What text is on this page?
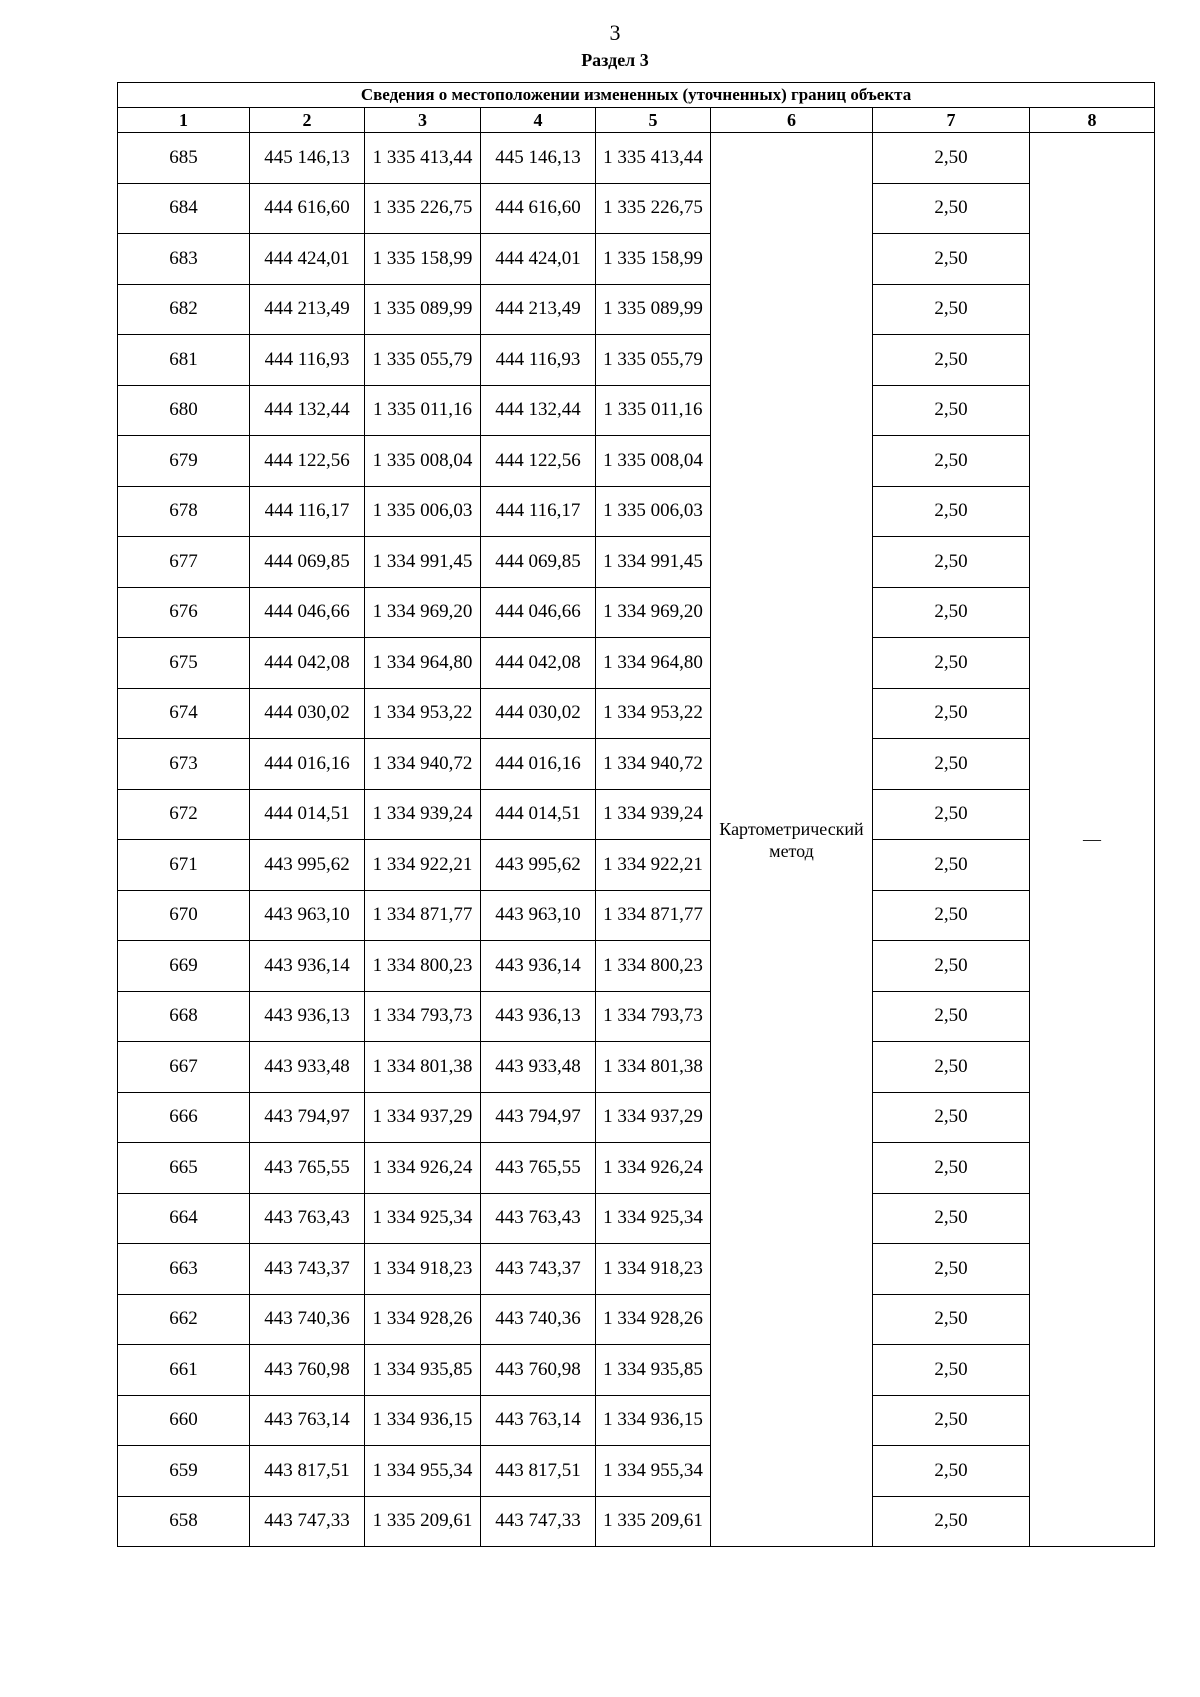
3
Раздел 3
Сведения о местоположении измененных (уточненных) границ объекта							
1	2	3	4	5	6	7	8
685	445 146,13	1 335 413,44	445 146,13	1 335 413,44	Картометрический метод	2,50	—
684	444 616,60	1 335 226,75	444 616,60	1 335 226,75		2,50	
683	444 424,01	1 335 158,99	444 424,01	1 335 158,99		2,50	
682	444 213,49	1 335 089,99	444 213,49	1 335 089,99		2,50	
681	444 116,93	1 335 055,79	444 116,93	1 335 055,79		2,50	
680	444 132,44	1 335 011,16	444 132,44	1 335 011,16		2,50	
679	444 122,56	1 335 008,04	444 122,56	1 335 008,04		2,50	
678	444 116,17	1 335 006,03	444 116,17	1 335 006,03		2,50	
677	444 069,85	1 334 991,45	444 069,85	1 334 991,45		2,50	
676	444 046,66	1 334 969,20	444 046,66	1 334 969,20		2,50	
675	444 042,08	1 334 964,80	444 042,08	1 334 964,80		2,50	
674	444 030,02	1 334 953,22	444 030,02	1 334 953,22		2,50	
673	444 016,16	1 334 940,72	444 016,16	1 334 940,72		2,50	
672	444 014,51	1 334 939,24	444 014,51	1 334 939,24		2,50	
671	443 995,62	1 334 922,21	443 995,62	1 334 922,21		2,50	
670	443 963,10	1 334 871,77	443 963,10	1 334 871,77		2,50	
669	443 936,14	1 334 800,23	443 936,14	1 334 800,23		2,50	
668	443 936,13	1 334 793,73	443 936,13	1 334 793,73		2,50	
667	443 933,48	1 334 801,38	443 933,48	1 334 801,38		2,50	
666	443 794,97	1 334 937,29	443 794,97	1 334 937,29		2,50	
665	443 765,55	1 334 926,24	443 765,55	1 334 926,24		2,50	
664	443 763,43	1 334 925,34	443 763,43	1 334 925,34		2,50	
663	443 743,37	1 334 918,23	443 743,37	1 334 918,23		2,50	
662	443 740,36	1 334 928,26	443 740,36	1 334 928,26		2,50	
661	443 760,98	1 334 935,85	443 760,98	1 334 935,85		2,50	
660	443 763,14	1 334 936,15	443 763,14	1 334 936,15		2,50	
659	443 817,51	1 334 955,34	443 817,51	1 334 955,34		2,50	
658	443 747,33	1 335 209,61	443 747,33	1 335 209,61		2,50	
